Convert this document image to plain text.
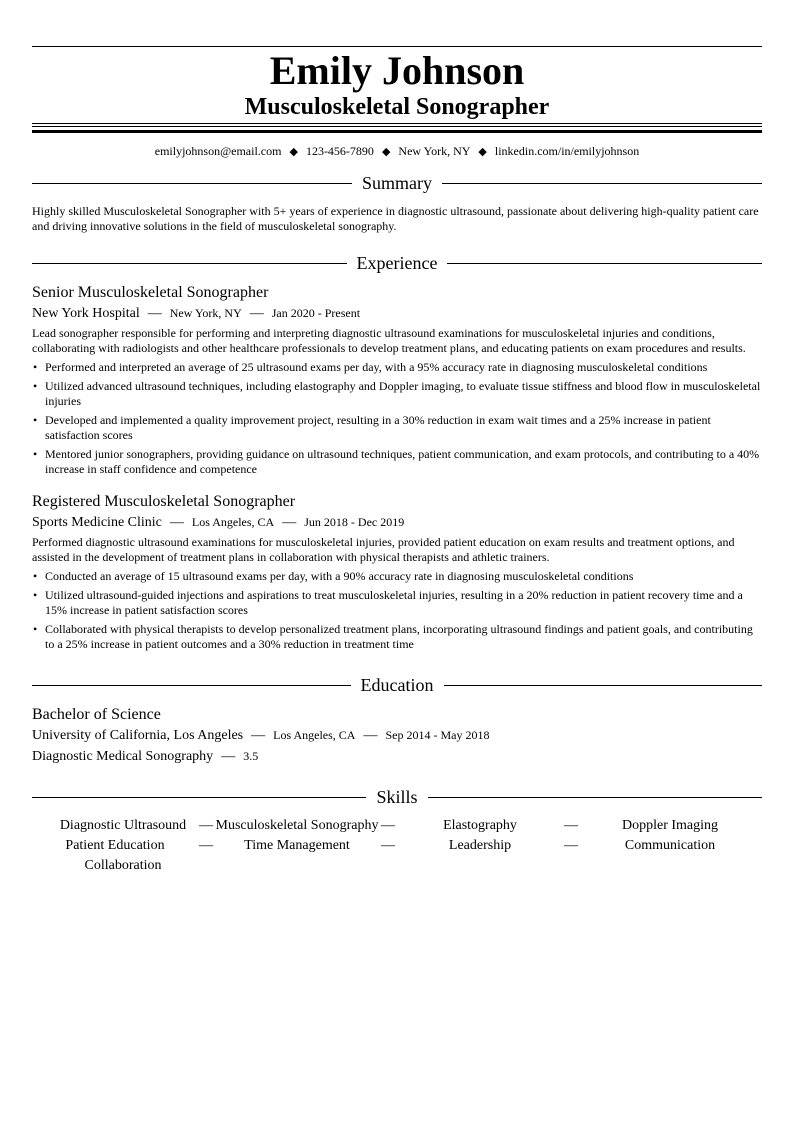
Emily Johnson
Musculoskeletal Sonographer
emilyjohnson@email.com ◆ 123-456-7890 ◆ New York, NY ◆ linkedin.com/in/emilyjohnson
Summary
Highly skilled Musculoskeletal Sonographer with 5+ years of experience in diagnostic ultrasound, passionate about delivering high-quality patient care and driving innovative solutions in the field of musculoskeletal sonography.
Experience
Senior Musculoskeletal Sonographer
New York Hospital — New York, NY — Jan 2020 - Present
Lead sonographer responsible for performing and interpreting diagnostic ultrasound examinations for musculoskeletal injuries and conditions, collaborating with radiologists and other healthcare professionals to develop treatment plans, and educating patients on exam procedures and results.
• Performed and interpreted an average of 25 ultrasound exams per day, with a 95% accuracy rate in diagnosing musculoskeletal conditions
• Utilized advanced ultrasound techniques, including elastography and Doppler imaging, to evaluate tissue stiffness and blood flow in musculoskeletal injuries
• Developed and implemented a quality improvement project, resulting in a 30% reduction in exam wait times and a 25% increase in patient satisfaction scores
• Mentored junior sonographers, providing guidance on ultrasound techniques, patient communication, and exam protocols, and contributing to a 40% increase in staff confidence and competence
Registered Musculoskeletal Sonographer
Sports Medicine Clinic — Los Angeles, CA — Jun 2018 - Dec 2019
Performed diagnostic ultrasound examinations for musculoskeletal injuries, provided patient education on exam results and treatment options, and assisted in the development of treatment plans in collaboration with physical therapists and athletic trainers.
• Conducted an average of 15 ultrasound exams per day, with a 90% accuracy rate in diagnosing musculoskeletal conditions
• Utilized ultrasound-guided injections and aspirations to treat musculoskeletal injuries, resulting in a 20% reduction in patient recovery time and a 15% increase in patient satisfaction scores
• Collaborated with physical therapists to develop personalized treatment plans, incorporating ultrasound findings and patient goals, and contributing to a 25% increase in patient outcomes and a 30% reduction in treatment time
Education
Bachelor of Science
University of California, Los Angeles — Los Angeles, CA — Sep 2014 - May 2018
Diagnostic Medical Sonography — 3.5
Skills
Diagnostic Ultrasound — Musculoskeletal Sonography —	Elastography	—	Doppler Imaging
Patient Education	—	Time Management	—	Leadership	—	Communication
Collaboration
